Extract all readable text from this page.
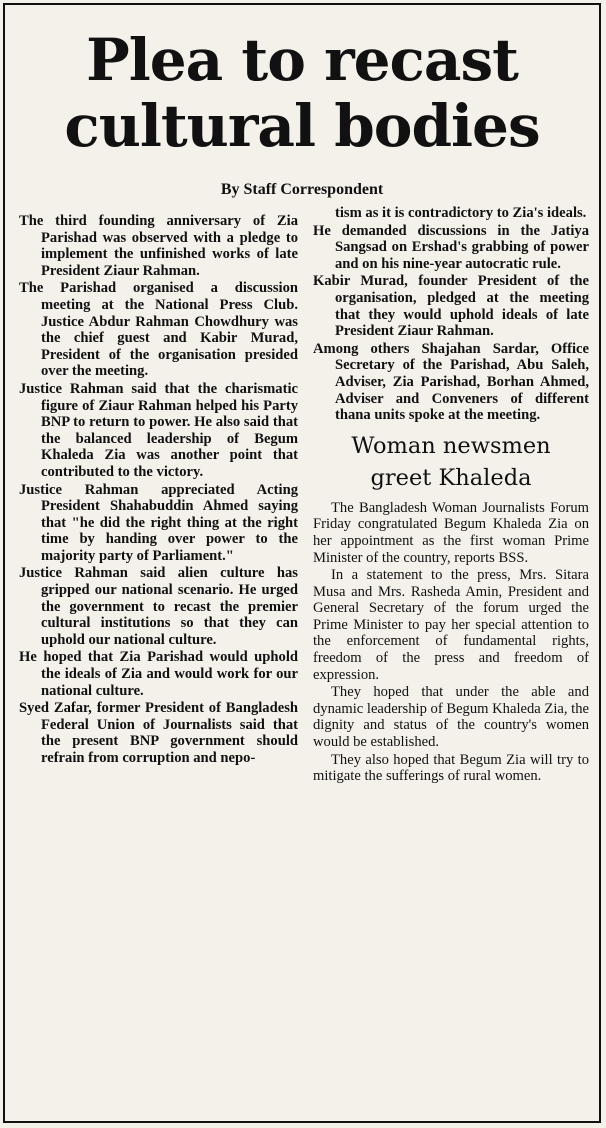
Plea to recast
cultural bodies

By Staff Correspondent

The third founding anniversary of Zia Parishad was observed with a pledge to implement the unfinished works of late President Ziaur Rahman.

The Parishad organised a discussion meeting at the National Press Club. Justice Abdur Rahman Chowdhury was the chief guest and Kabir Murad, President of the organisation presided over the meeting.

Justice Rahman said that the charismatic figure of Ziaur Rahman helped his Party BNP to return to power. He also said that the balanced leadership of Begum Khaleda Zia was another point that contributed to the victory.

Justice Rahman appreciated Acting President Shahabuddin Ahmed saying that "he did the right thing at the right time by handing over power to the majority party of Parliament."

Justice Rahman said alien culture has gripped our national scenario. He urged the government to recast the premier cultural institutions so that they can uphold our national culture.

He hoped that Zia Parishad would uphold the ideals of Zia and would work for our national culture.

Syed Zafar, former President of Bangladesh Federal Union of Journalists said that the present BNP government should refrain from corruption and nepo-

tism as it is contradictory to Zia's ideals.

He demanded discussions in the Jatiya Sangsad on Ershad's grabbing of power and on his nine-year autocratic rule.

Kabir Murad, founder President of the organisation, pledged at the meeting that they would uphold ideals of late President Ziaur Rahman.

Among others Shajahan Sardar, Office Secretary of the Parishad, Abu Saleh, Adviser, Zia Parishad, Borhan Ahmed, Adviser and Conveners of different thana units spoke at the meeting.

Woman newsmen
greet Khaleda

The Bangladesh Woman Journalists Forum Friday congratulated Begum Khaleda Zia on her appointment as the first woman Prime Minister of the country, reports BSS.

In a statement to the press, Mrs. Sitara Musa and Mrs. Rasheda Amin, President and General Secretary of the forum urged the Prime Minister to pay her special attention to the enforcement of fundamental rights, freedom of the press and freedom of expression.

They hoped that under the able and dynamic leadership of Begum Khaleda Zia, the dignity and status of the country's women would be established.

They also hoped that Begum Zia will try to mitigate the sufferings of rural women.
